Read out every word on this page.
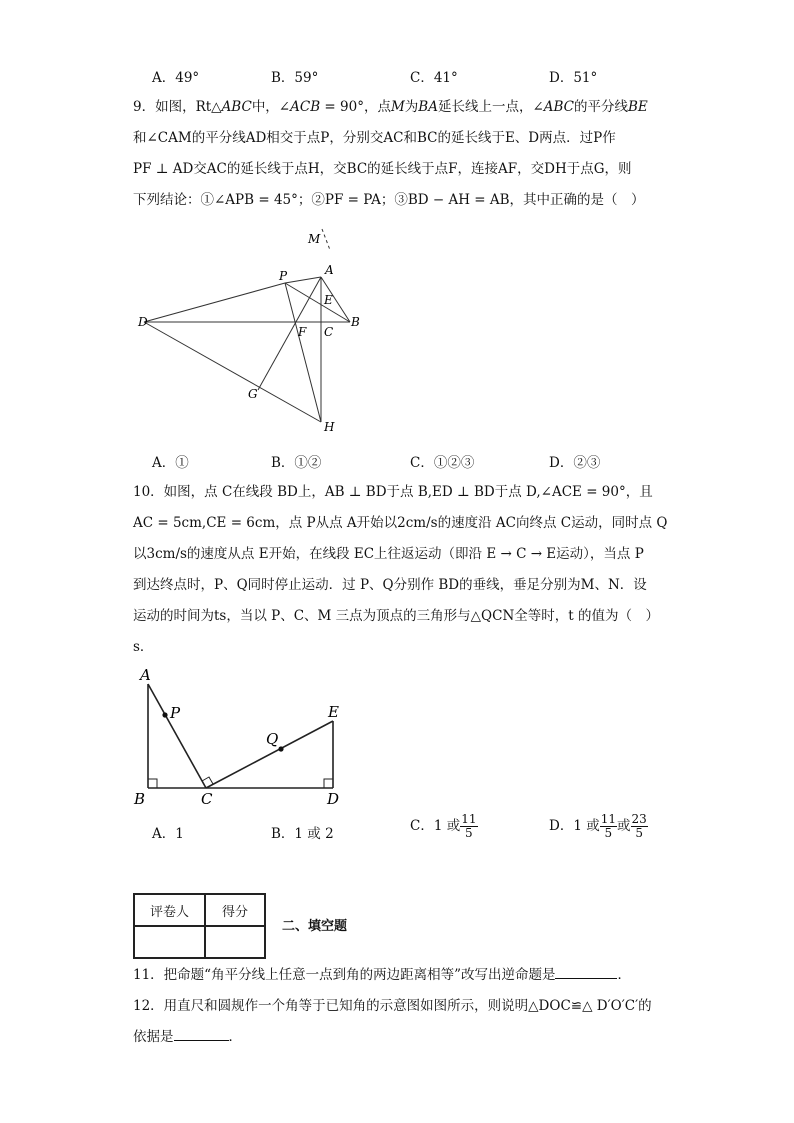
A．49°	B．59°	C．41°	D．51°
9．如图，Rt△ABC中，∠ACB = 90°，点M为BA延长线上一点，∠ABC的平分线BE
和∠CAM的平分线AD相交于点P，分别交AC和BC的延长线于E、D两点．过P作
PF ⊥ AD交AC的延长线于点H，交BC的延长线于点F，连接AF，交DH于点G，则
下列结论：①∠APB = 45°；②PF = PA；③BD − AH = AB，其中正确的是（　）
M
P	A
E
D
F C
B
G
H
A．①	B．①②	C．①②③	D．②③
10．如图，点 C在线段 BD上，AB ⊥ BD于点 B,ED ⊥ BD于点 D,∠ACE = 90°，且
AC = 5cm,CE = 6cm，点 P从点 A开始以2cm/s的速度沿 AC向终点 C运动，同时点 Q
以3cm/s的速度从点 E开始，在线段 EC上往返运动（即沿 E → C → E运动），当点 P
到达终点时，P、Q同时停止运动．过 P、Q分别作 BD的垂线，垂足分别为M、N．设
运动的时间为ts，当以 P、C、M 三点为顶点的三角形与△QCN全等时，t 的值为（　）
s．
A
P	E
Q
B	C	D
A．1	B．1 或 2	C．1 或 $\frac{11}{5}$	D．1 或 $\frac{11}{5}$ 或 $\frac{23}{5}$
评卷人	得分

二、填空题
11．把命题“角平分线上任意一点到角的两边距离相等”改写出逆命题是	．
12．用直尺和圆规作一个角等于已知角的示意图如图所示，则说明△DOC≌△ D′O′C′的
依据是	．
